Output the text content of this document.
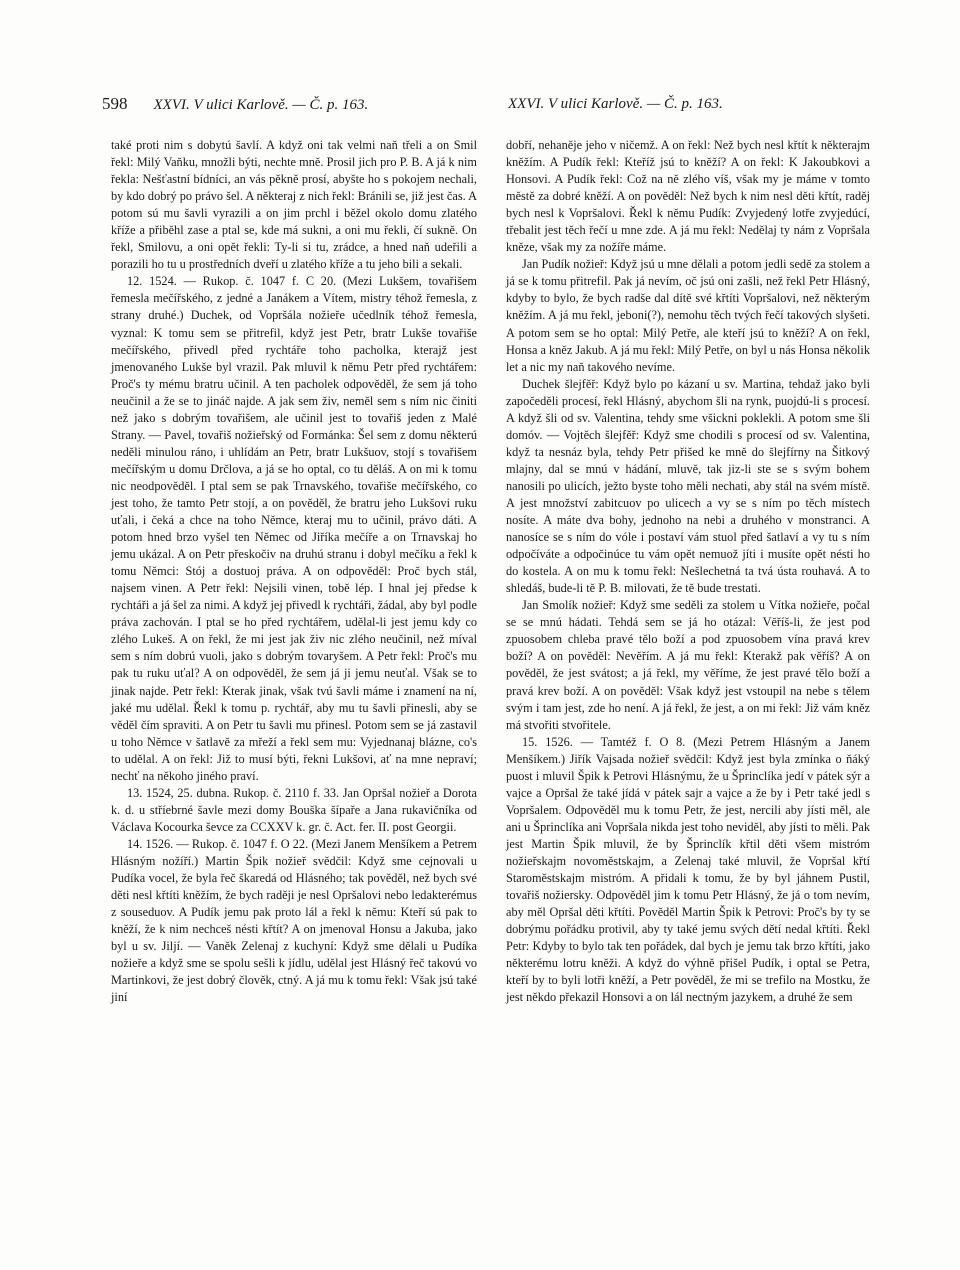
598 XXVI. V ulici Karlově. — Č. p. 163.	XXVI. V ulici Karlově. — Č. p. 163.

také proti nim s dobytú šavlí. A když oni tak velmi naň třeli a on Smil řekl: Milý Vaňku, množli býti, nechte mně. Prosil jich pro P. B. A já k nim řekla: Nešťastní bídníci, an vás pěkně prosí, abyšte ho s pokojem nechali, by kdo dobrý po právo šel. A některaj z nich řekl: Bránili se, již jest čas. A potom sú mu šavli vyrazili a on jim prchl i běžel okolo domu zlatého kříže a přiběhl zase a ptal se, kde má sukni, a oni mu řekli, čí sukně. On řekl, Smilovu, a oni opět řekli: Ty-li si tu, zrádce, a hned naň udeřili a porazili ho tu u prostředních dveří u zlatého kříže a tu jeho bili a sekali.

12. 1524. — Rukop. č. 1047 f. C 20. (Mezi Lukšem, tovařišem řemesla mečířského, z jedné a Janákem a Vítem, mistry téhož řemesla, z strany druhé.) Duchek, od Vopršála nožieře učedlník téhož řemesla, vyznal: K tomu sem se přitrefil, když jest Petr, bratr Lukše tovařiše mečířského, přivedl před rychtáře toho pacholka, kterajž jest jmenovaného Lukše byl vrazil. Pak mluvil k němu Petr před rychtářem: Proč's ty mému bratru učinil. A ten pacholek odpověděl, že sem já toho neučinil a že se to jináč najde. A jak sem živ, neměl sem s ním nic činiti než jako s dobrým tovařišem, ale učinil jest to tovařiš jeden z Malé Strany. — Pavel, tovařiš nožieřský od Formánka: Šel sem z domu některú neděli minulou ráno, i uhlídám an Petr, bratr Lukšuov, stojí s tovařišem mečířským u domu Drčlova, a já se ho optal, co tu děláš. A on mi k tomu nic neodpověděl. I ptal sem se pak Trnavského, tovařiše mečířského, co jest toho, že tamto Petr stojí, a on pověděl, že bratru jeho Lukšovi ruku uťali, i čeká a chce na toho Němce, kteraj mu to učinil, právo dáti. A potom hned brzo vyšel ten Němec od Jiříka mečíře a on Trnavskaj ho jemu ukázal. A on Petr přeskočiv na druhú stranu i dobyl mečíku a řekl k tomu Němci: Stój a dostuoj práva. A on odpověděl: Proč bych stál, najsem vinen. A Petr řekl: Nejsili vinen, tobě lép. I hnal jej předse k rychtáři a já šel za nimi. A když jej přivedl k rychtáři, žádal, aby byl podle práva zachován. I ptal se ho před rychtářem, udělal-li jest jemu kdy co zlého Lukeš. A on řekl, že mi jest jak živ nic zlého neučinil, než míval sem s ním dobrú vuoli, jako s dobrým tovaryšem. A Petr řekl: Proč's mu pak tu ruku uťal? A on odpověděl, že sem já ji jemu neuťal. Však se to jinak najde. Petr řekl: Kterak jinak, však tvú šavli máme i znamení na ní, jaké mu udělal. Řekl k tomu p. rychtář, aby mu tu šavli přinesli, aby se věděl čím spraviti. A on Petr tu šavli mu přinesl. Potom sem se já zastavil u toho Němce v šatlavě za mřeží a řekl sem mu: Vyjednanaj blázne, co's to udělal. A on řekl: Již to musí býti, řekni Lukšovi, ať na mne nepraví; nechť na někoho jiného praví.

13. 1524, 25. dubna. Rukop. č. 2110 f. 33. Jan Opršal nožieř a Dorota k. d. u stříebrné šavle mezi domy Bouška šípaře a Jana rukavičníka od Václava Kocourka ševce za CCXXV k. gr. č. Act. fer. II. post Georgii.

14. 1526. — Rukop. č. 1047 f. O 22. (Mezi Janem Menšíkem a Petrem Hlásným nožíří.) Martin Špik nožieř svědčil: Když sme cejnovali u Pudíka vocel, že byla řeč škaredá od Hlásného; tak pověděl, než bych své děti nesl křtíti kněžím, že bych raději je nesl Opršalovi nebo ledakterémus z souseduov. A Pudík jemu pak proto lál a řekl k němu: Kteří sú pak to kněží, že k nim nechceš nésti křtít? A on jmenoval Honsu a Jakuba, jako byl u sv. Jiljí. — Vaněk Zelenaj z kuchyní: Když sme dělali u Pudíka nožieře a když sme se spolu sešli k jídlu, udělal jest Hlásný řeč takovú vo Martinkovi, že jest dobrý člověk, ctný. A já mu k tomu řekl: Však jsú také jiní

dobří, nehaněje jeho v ničemž. A on řekl: Než bych nesl křtít k některajm kněžím. A Pudík řekl: Kteříž jsú to kněží? A on řekl: K Jakoubkovi a Honsovi. A Pudík řekl: Což na ně zlého víš, však my je máme v tomto městě za dobré kněží. A on pověděl: Než bych k nim nesl děti křtít, raděj bych nesl k Vopršalovi. Řekl k němu Pudík: Zvyjedený lotře zvyjedúcí, třebalit jest těch řečí u mne zde. A já mu řekl: Nedělaj ty nám z Vopršala kněze, však my za nožíře máme.

Jan Pudík nožieř: Když jsú u mne dělali a potom jedli sedě za stolem a já se k tomu přitrefil. Pak já nevím, oč jsú oni zašli, než řekl Petr Hlásný, kdyby to bylo, že bych radše dal dítě své křtíti Vopršalovi, než některým kněžím. A já mu řekl, jeboni(?), nemohu těch tvých řečí takových slyšeti. A potom sem se ho optal: Milý Petře, ale kteří jsú to kněží? A on řekl, Honsa a kněz Jakub. A já mu řekl: Milý Petře, on byl u nás Honsa několik let a nic my naň takového nevíme.

Duchek šlejfěř: Když bylo po kázaní u sv. Martina, tehdaž jako byli započeděli procesí, řekl Hlásný, abychom šli na rynk, puojdú-li s procesí. A když šli od sv. Valentina, tehdy sme všickni poklekli. A potom sme šli domóv. — Vojtěch šlejfěř: Když sme chodili s procesí od sv. Valentina, když ta nesnáz byla, tehdy Petr přišed ke mně do šlejfírny na Šitkový mlajny, dal se mnú v hádání, mluvě, tak jiz-li ste se s svým bohem nanosili po ulicích, ježto byste toho měli nechati, aby stál na svém místě. A jest množství zabitcuov po ulicech a vy se s ním po těch místech nosíte. A máte dva bohy, jednoho na nebi a druhého v monstranci. A nanosíce se s ním do vóle i postaví vám stuol před šatlaví a vy tu s ním odpočíváte a odpočinúce tu vám opět nemuož jíti i musíte opět nésti ho do kostela. A on mu k tomu řekl: Nešlechetná ta tvá ústa rouhavá. A to shledáš, bude-li tě P. B. milovati, že tě bude trestati.

Jan Smolík nožieř: Když sme seděli za stolem u Vítka nožieře, počal se se mnú hádati. Tehdá sem se já ho otázal: Věříš-li, že jest pod zpuosobem chleba pravé tělo boží a pod zpuosobem vína pravá krev boží? A on pověděl: Nevěřím. A já mu řekl: Kterakž pak věříš? A on pověděl, že jest svátost; a já řekl, my věříme, že jest pravé tělo boží a pravá krev boží. A on pověděl: Však když jest vstoupil na nebe s tělem svým i tam jest, zde ho není. A já řekl, že jest, a on mi řekl: Již vám kněz má stvořiti stvořitele.

15. 1526. — Tamtéž f. O 8. (Mezi Petrem Hlásným a Janem Menšíkem.) Jiřík Vajsada nožieř svědčil: Když jest byla zmínka o ňáký puost i mluvil Špik k Petrovi Hlásnýmu, že u Šprinclíka jedí v pátek sýr a vajce a Opršal že také jídá v pátek sajr a vajce a že by i Petr také jedl s Vopršalem. Odpověděl mu k tomu Petr, že jest, nercili aby jísti měl, ale ani u Šprinclíka ani Vopršala nikda jest toho neviděl, aby jísti to měli. Pak jest Martin Špik mluvil, že by Šprinclík křtil děti všem mistróm nožieřskajm novoměstskajm, a Zelenaj také mluvil, že Vopršal křtí Staroměstskajm mistróm. A přidali k tomu, že by byl jáhnem Pustil, tovařiš nožiersky. Odpověděl jim k tomu Petr Hlásný, že já o tom nevím, aby měl Opršal děti křtíti. Pověděl Martin Špik k Petrovi: Proč's by ty se dobrýmu pořádku protivil, aby ty také jemu svých dětí nedal křtíti. Řekl Petr: Kdyby to bylo tak ten pořádek, dal bych je jemu tak brzo křtíti, jako některému lotru kněži. A když do výhně přišel Pudík, i optal se Petra, kteří by to byli lotři kněží, a Petr pověděl, že mi se trefilo na Mostku, že jest někdo překazil Honsovi a on lál nectným jazykem, a druhé že sem
